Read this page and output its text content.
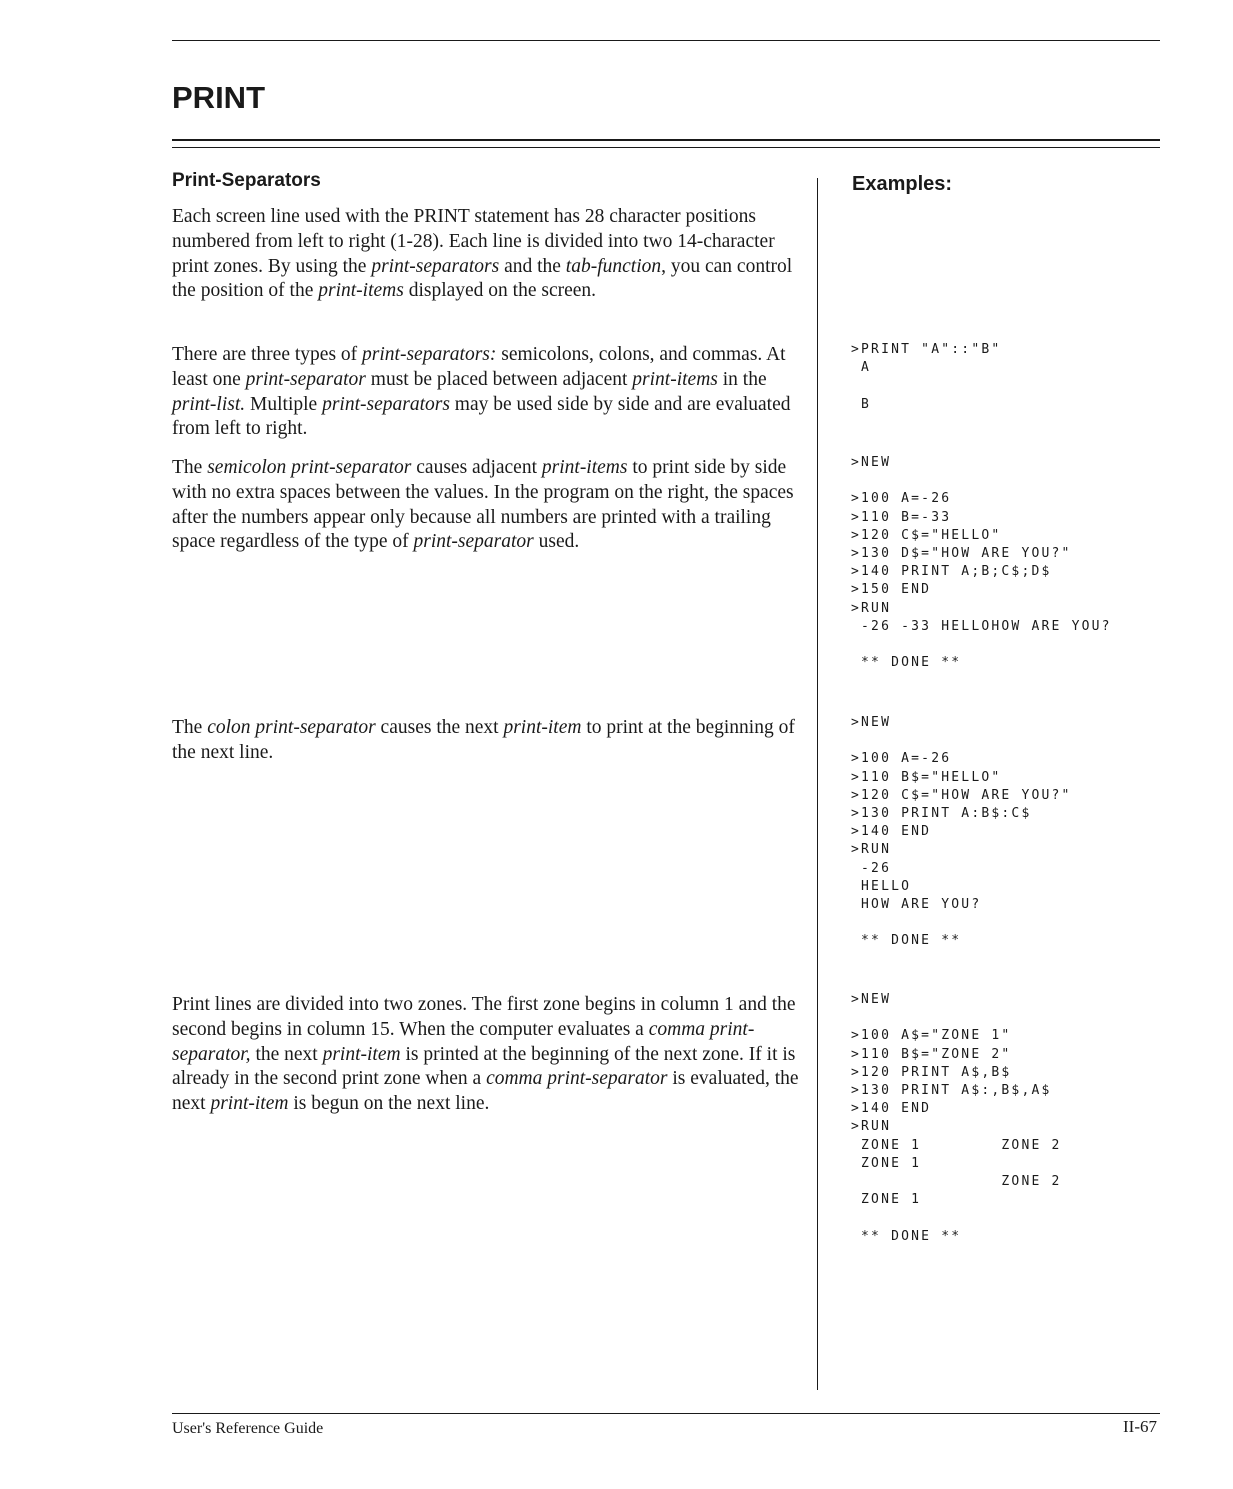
PRINT
Print-Separators	Examples:

Each screen line used with the PRINT statement has 28 character positions numbered from left to right (1-28). Each line is divided into two 14-character print zones. By using the print-separators and the tab-function, you can control the position of the print-items displayed on the screen.

There are three types of print-separators: semicolons, colons, and commas. At least one print-separator must be placed between adjacent print-items in the print-list. Multiple print-separators may be used side by side and are evaluated from left to right.

The semicolon print-separator causes adjacent print-items to print side by side with no extra spaces between the values. In the program on the right, the spaces after the numbers appear only because all numbers are printed with a trailing space regardless of the type of print-separator used.

The colon print-separator causes the next print-item to print at the beginning of the next line.

Print lines are divided into two zones. The first zone begins in column 1 and the second begins in column 15. When the computer evaluates a comma print-separator, the next print-item is printed at the beginning of the next zone. If it is already in the second print zone when a comma print-separator is evaluated, the next print-item is begun on the next line.

>PRINT "A"::"B"
A

B
>NEW

>100 A=-26
>110 B=-33
>120 C$="HELLO"
>130 D$="HOW ARE YOU?"
>140 PRINT A;B;C$;D$
>150 END
>RUN
-26 -33 HELLOHOW ARE YOU?

** DONE **
>NEW

>100 A=-26
>110 B$="HELLO"
>120 C$="HOW ARE YOU?"
>130 PRINT A:B$:C$
>140 END
>RUN
-26
HELLO
HOW ARE YOU?

** DONE **
>NEW

>100 A$="ZONE 1"
>110 B$="ZONE 2"
>120 PRINT A$,B$
>130 PRINT A$:,B$,A$
>140 END
>RUN
ZONE 1        ZONE 2
ZONE 1
ZONE 2
ZONE 1

** DONE **

User's Reference Guide	II-67
